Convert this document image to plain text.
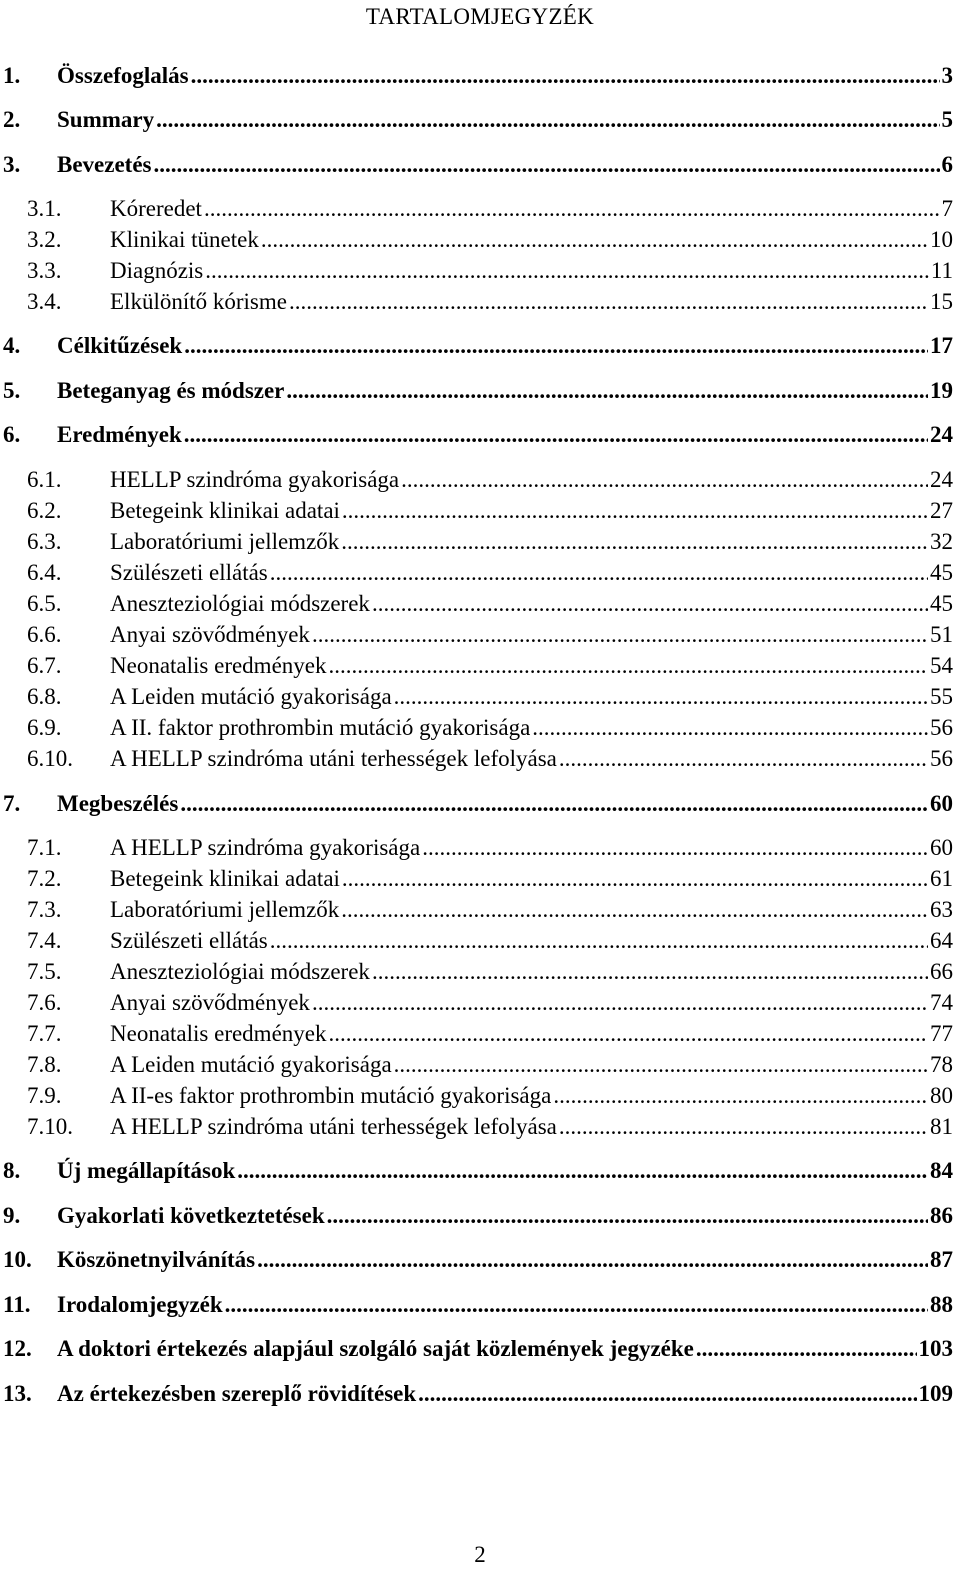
TARTALOMJEGYZÉK
1. Összefoglalás .....	3
2. Summary .....	5
3. Bevezetés .....	6
3.1. Kóreredet .....	7
3.2. Klinikai tünetek .....	10
3.3. Diagnózis .....	11
3.4. Elkülönítő kórisme .....	15
4. Célkitűzések .....	17
5. Beteganyag és módszer .....	19
6. Eredmények .....	24
6.1. HELLP szindróma gyakorisága .....	24
6.2. Betegeink klinikai adatai .....	27
6.3. Laboratóriumi jellemzők .....	32
6.4. Szülészeti ellátás .....	45
6.5. Aneszteziológiai módszerek .....	45
6.6. Anyai szövődmények .....	51
6.7. Neonatalis eredmények .....	54
6.8. A Leiden mutáció gyakorisága .....	55
6.9. A II. faktor prothrombin mutáció gyakorisága .....	56
6.10. A HELLP szindróma utáni terhességek lefolyása .....	56
7. Megbeszélés .....	60
7.1. A HELLP szindróma gyakorisága .....	60
7.2. Betegeink klinikai adatai .....	61
7.3. Laboratóriumi jellemzők .....	63
7.4. Szülészeti ellátás .....	64
7.5. Aneszteziológiai módszerek .....	66
7.6. Anyai szövődmények .....	74
7.7. Neonatalis eredmények .....	77
7.8. A Leiden mutáció gyakorisága .....	78
7.9. A II-es faktor prothrombin mutáció gyakorisága .....	80
7.10. A HELLP szindróma utáni terhességek lefolyása .....	81
8. Új megállapítások .....	84
9. Gyakorlati következtetések .....	86
10. Köszönetnyilvánítás .....	87
11. Irodalomjegyzék .....	88
12. A doktori értekezés alapjául szolgáló saját közlemények jegyzéke .....	103
13. Az értekezésben szereplő rövidítések .....	109
2
